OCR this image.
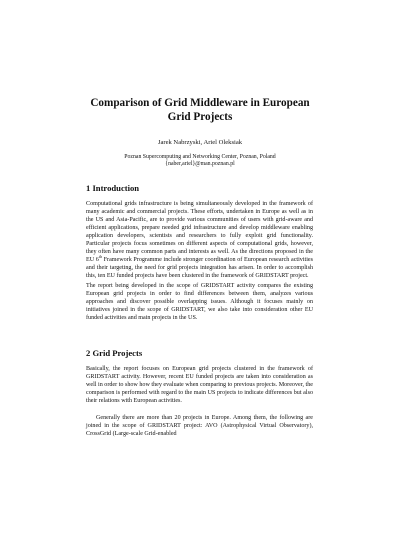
Comparison of Grid Middleware in European
Grid Projects
Jarek Nabrzyski, Ariel Oleksiak
Poznan Supercomputing and Networking Center, Poznan, Poland
{naber,ariel}@man.poznan.pl
1 Introduction

Computational grids infrastructure is being simultaneously developed in the framework of many academic and commercial projects. These efforts, undertaken in Europe as well as in the US and Asia-Pacific, are to provide various communities of users with grid-aware and efficient applications, prepare needed grid infrastructure and develop middleware enabling application developers, scientists and researchers to fully exploit grid functionality. Particular projects focus sometimes on different aspects of computational grids, however, they often have many common parts and interests as well. As the directions proposed in the EU 6th Framework Programme include stronger coordination of European research activities and their targeting, the need for grid projects integration has arisen. In order to accomplish this, ten EU funded projects have been clustered in the framework of GRIDSTART project.

The report being developed in the scope of GRIDSTART activity compares the existing European grid projects in order to find differences between them, analyzes various approaches and discover possible overlapping issues. Although it focuses mainly on initiatives joined in the scope of GRIDSTART, we also take into consideration other EU funded activities and main projects in the US.

2 Grid Projects

Basically, the report focuses on European grid projects clustered in the framework of GRIDSTART activity. However, recent EU funded projects are taken into consideration as well in order to show how they evaluate when comparing to previous projects. Moreover, the comparison is performed with regard to the main US projects to indicate differences but also their relations with European activities.

Generally there are more than 20 projects in Europe. Among them, the following are joined in the scope of GRIDSTART project: AVO (Astrophysical Virtual Observatory), CrossGrid (Large-scale Grid-enabled
